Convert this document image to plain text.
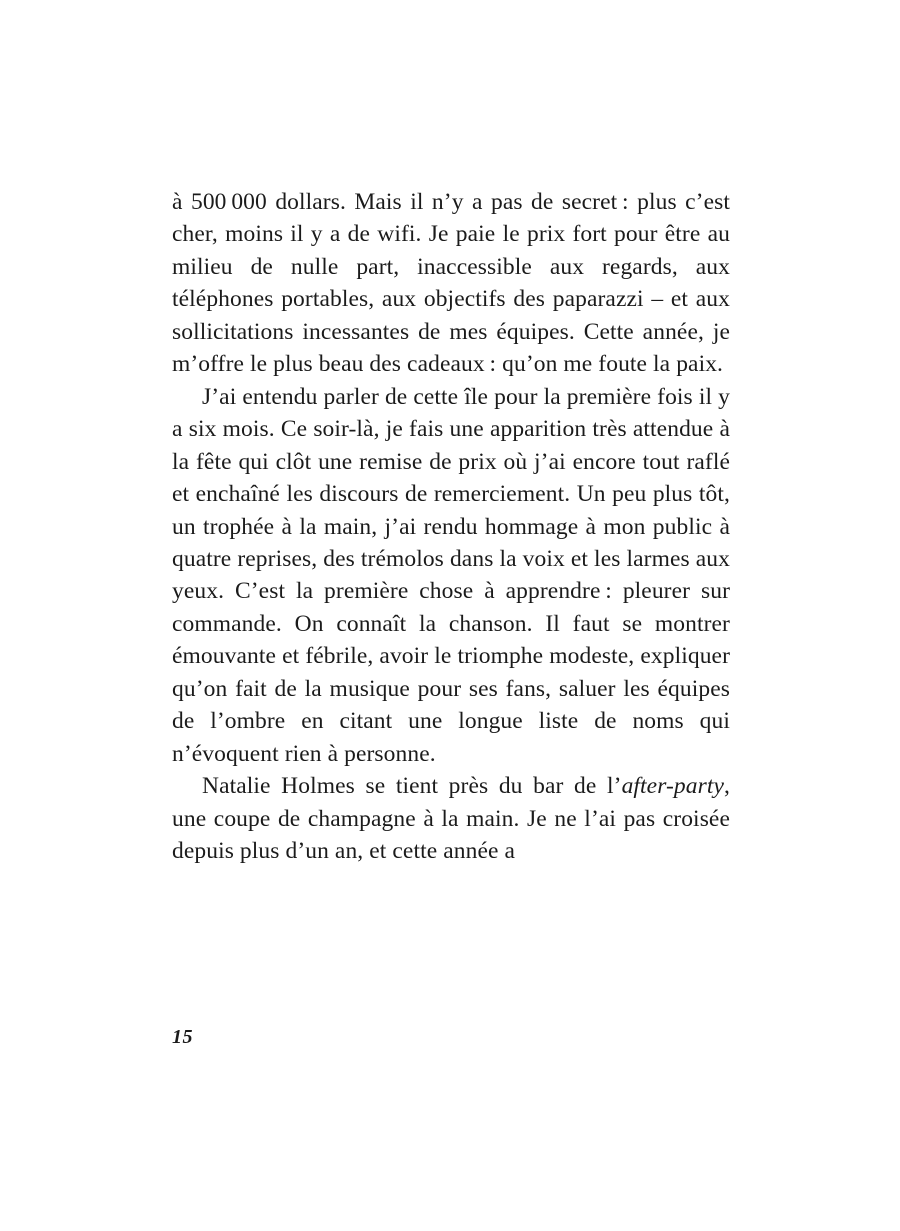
à 500 000 dollars. Mais il n’y a pas de secret : plus c’est cher, moins il y a de wifi. Je paie le prix fort pour être au milieu de nulle part, inaccessible aux regards, aux téléphones portables, aux objectifs des paparazzi – et aux sollicitations incessantes de mes équipes. Cette année, je m’offre le plus beau des cadeaux : qu’on me foute la paix.

J’ai entendu parler de cette île pour la première fois il y a six mois. Ce soir-là, je fais une apparition très attendue à la fête qui clôt une remise de prix où j’ai encore tout raflé et enchaîné les discours de remerciement. Un peu plus tôt, un trophée à la main, j’ai rendu hommage à mon public à quatre reprises, des trémolos dans la voix et les larmes aux yeux. C’est la première chose à apprendre : pleurer sur commande. On connaît la chanson. Il faut se montrer émouvante et fébrile, avoir le triomphe modeste, expliquer qu’on fait de la musique pour ses fans, saluer les équipes de l’ombre en citant une longue liste de noms qui n’évoquent rien à personne.

Natalie Holmes se tient près du bar de l’after-party, une coupe de champagne à la main. Je ne l’ai pas croisée depuis plus d’un an, et cette année a

15
